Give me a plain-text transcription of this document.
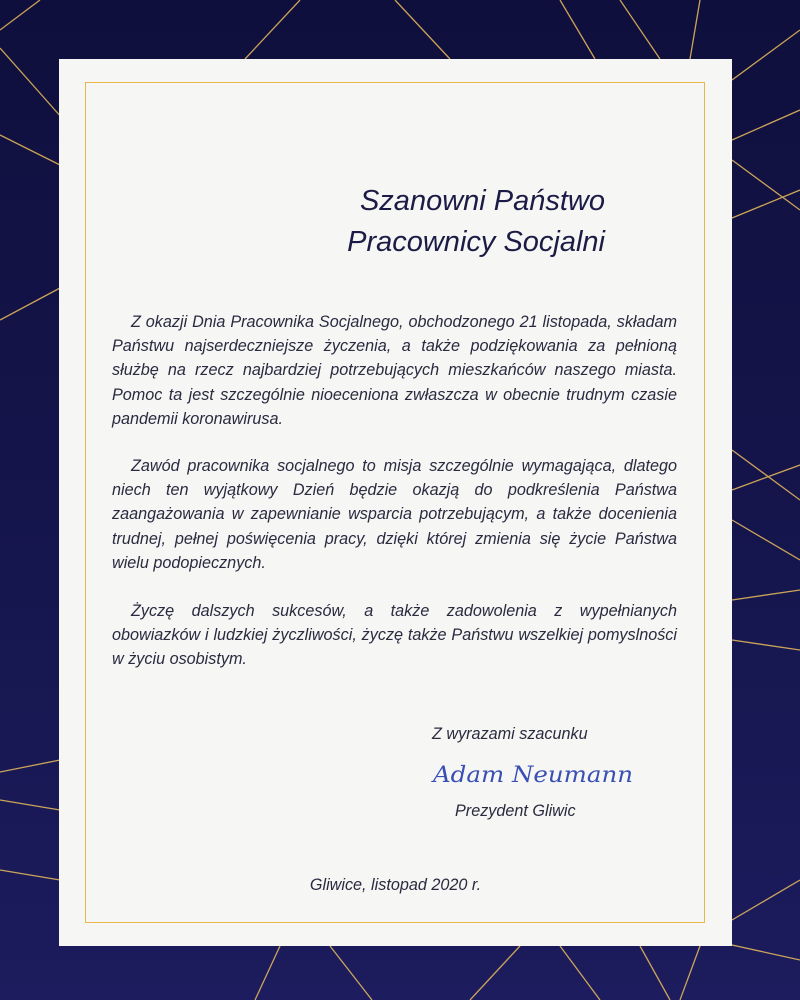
Szanowni Państwo
Pracownicy Socjalni

Z okazji Dnia Pracownika Socjalnego, obchodzonego 21 listopada, składam Państwu najserdeczniejsze życzenia, a także podziękowania za pełnioną służbę na rzecz najbardziej potrzebujących mieszkańców naszego miasta. Pomoc ta jest szczególnie nioeceniona zwłaszcza w obecnie trudnym czasie pandemii koronawirusa.

Zawód pracownika socjalnego to misja szczególnie wymagająca, dlatego niech ten wyjątkowy Dzień będzie okazją do podkreślenia Państwa zaangażowania w zapewnianie wsparcia potrzebującym, a także docenienia trudnej, pełnej poświęcenia pracy, dzięki której zmienia się życie Państwa wielu podopiecznych.

Życzę dalszych sukcesów, a także zadowolenia z wypełnianych obowiazków i ludzkiej życzliwości, życzę także Państwu wszelkiej pomyslności w życiu osobistym.

Z wyrazami szacunku
Adam Neumann
Prezydent Gliwic
Gliwice, listopad 2020 r.
